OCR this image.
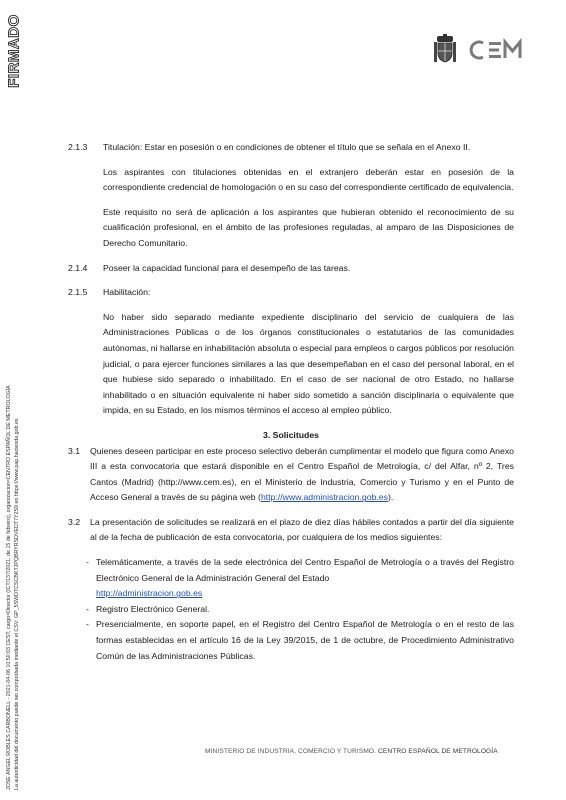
FIRMADO
JOSE ANGEL ROBLES CARBONELL - 2021-04-06 10:50:03 CEST, cargo=Director (ICT/137/2021, de 15 de febrero), organizacion=CENTRO ESPAÑOL DE METROLOGÍA La autenticidad del documento puede ser comprobada mediante el CSV: GP_5SWDTCSCBKTJPQBRYRSDVEDT7Y2S9 en https://www.pap.hacienda.gob.es
2.1.3	Titulación: Estar en posesión o en condiciones de obtener el título que se señala en el Anexo II.

Los aspirantes con titulaciones obtenidas en el extranjero deberán estar en posesión de la correspondiente credencial de homologación o en su caso del correspondiente certificado de equivalencia.

Este requisito no será de aplicación a los aspirantes que hubieran obtenido el reconocimiento de su cualificación profesional, en el ámbito de las profesiones reguladas, al amparo de las Disposiciones de Derecho Comunitario.

2.1.4	Poseer la capacidad funcional para el desempeño de las tareas.
2.1.5	Habilitación:

No haber sido separado mediante expediente disciplinario del servicio de cualquiera de las Administraciones Públicas o de los órganos constitucionales o estatutarios de las comunidades autónomas, ni hallarse en inhabilitación absoluta o especial para empleos o cargos públicos por resolución judicial, o para ejercer funciones similares a las que desempeñaban en el caso del personal laboral, en el que hubiese sido separado o inhabilitado. En el caso de ser nacional de otro Estado, no hallarse inhabilitado o en situación equivalente ni haber sido sometido a sanción disciplinaria o equivalente que impida, en su Estado, en los mismos términos el acceso al empleo público.

3. Solicitudes

3.1	Quienes deseen participar en este proceso selectivo deberán cumplimentar el modelo que figura como Anexo III a esta convocatoria que estará disponible en el Centro Español de Metrología, c/ del Alfar, nº 2, Tres Cantos (Madrid) (http://www.cem.es), en el Ministerio de Industria, Comercio y Turismo y en el Punto de Acceso General a través de su página web (http://www.administracion.gob.es).

3.2	La presentación de solicitudes se realizará en el plazo de diez días hábiles contados a partir del día siguiente al de la fecha de publicación de esta convocatoria, por cualquiera de los medios siguientes:

- Telemáticamente, a través de la sede electrónica del Centro Español de Metrología o a través del Registro Electrónico General de la Administración General del Estado
http://administracion.gob.es

- Registro Electrónico General.

- Presencialmente, en soporte papel, en el Registro del Centro Español de Metrología o en el resto de las formas establecidas en el artículo 16 de la Ley 39/2015, de 1 de octubre, de Procedimiento Administrativo Común de las Administraciones Públicas.

MINISTERIO DE INDUSTRIA, COMERCIO Y TURISMO. CENTRO ESPAÑOL DE METROLOGÍA
